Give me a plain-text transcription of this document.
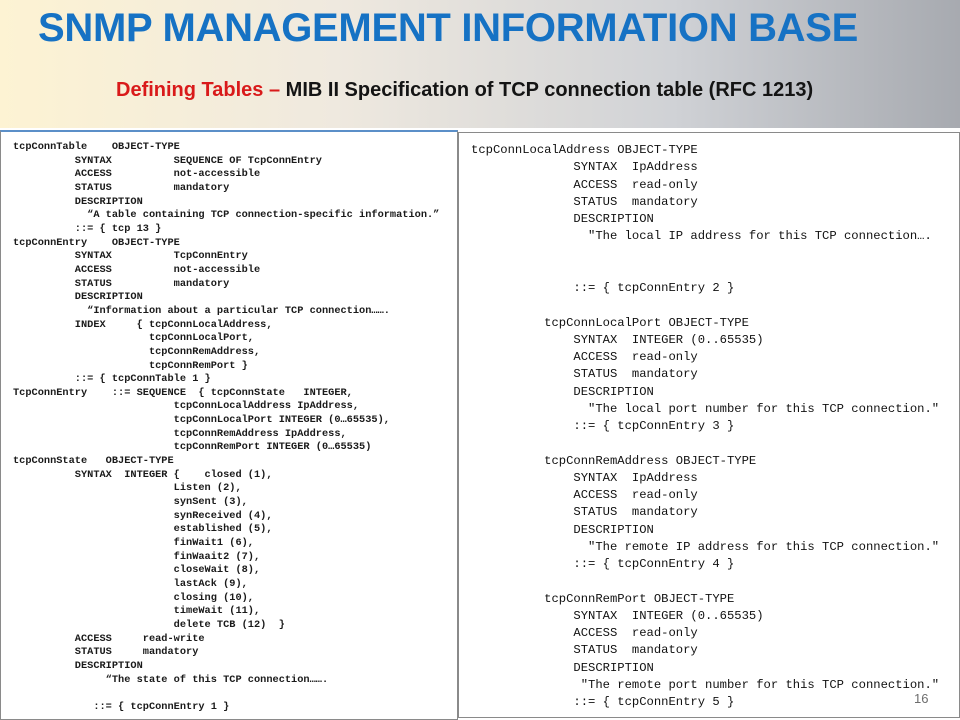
SNMP MANAGEMENT INFORMATION BASE
Defining Tables – MIB II Specification of TCP connection table (RFC 1213)
tcpConnTable    OBJECT-TYPE
SYNTAX          SEQUENCE OF TcpConnEntry
ACCESS          not-accessible
STATUS          mandatory
DESCRIPTION
“A table containing TCP connection-specific information.”
::= { tcp 13 }
tcpConnEntry    OBJECT-TYPE
SYNTAX          TcpConnEntry
ACCESS          not-accessible
STATUS          mandatory
DESCRIPTION
“Information about a particular TCP connection…….
INDEX     { tcpConnLocalAddress,
tcpConnLocalPort,
tcpConnRemAddress,
tcpConnRemPort }
::= { tcpConnTable 1 }
TcpConnEntry    ::= SEQUENCE  { tcpConnState   INTEGER,
tcpConnLocalAddress IpAddress,
tcpConnLocalPort INTEGER (0…65535),
tcpConnRemAddress IpAddress,
tcpConnRemPort INTEGER (0…65535)
tcpConnState   OBJECT-TYPE
SYNTAX  INTEGER {    closed (1),
Listen (2),
synSent (3),
synReceived (4),
established (5),
finWait1 (6),
finWaait2 (7),
closeWait (8),
lastAck (9),
closing (10),
timeWait (11),
delete TCB (12)  }
ACCESS     read-write
STATUS     mandatory
DESCRIPTION
“The state of this TCP connection…….

::= { tcpConnEntry 1 }
tcpConnLocalAddress OBJECT-TYPE
SYNTAX  IpAddress
ACCESS  read-only
STATUS  mandatory
DESCRIPTION
"The local IP address for this TCP connection….

::= { tcpConnEntry 2 }

tcpConnLocalPort OBJECT-TYPE
SYNTAX  INTEGER (0..65535)
ACCESS  read-only
STATUS  mandatory
DESCRIPTION
"The local port number for this TCP connection."
::= { tcpConnEntry 3 }

tcpConnRemAddress OBJECT-TYPE
SYNTAX  IpAddress
ACCESS  read-only
STATUS  mandatory
DESCRIPTION
"The remote IP address for this TCP connection."
::= { tcpConnEntry 4 }

tcpConnRemPort OBJECT-TYPE
SYNTAX  INTEGER (0..65535)
ACCESS  read-only
STATUS  mandatory
DESCRIPTION
"The remote port number for this TCP connection."
::= { tcpConnEntry 5 }	16
